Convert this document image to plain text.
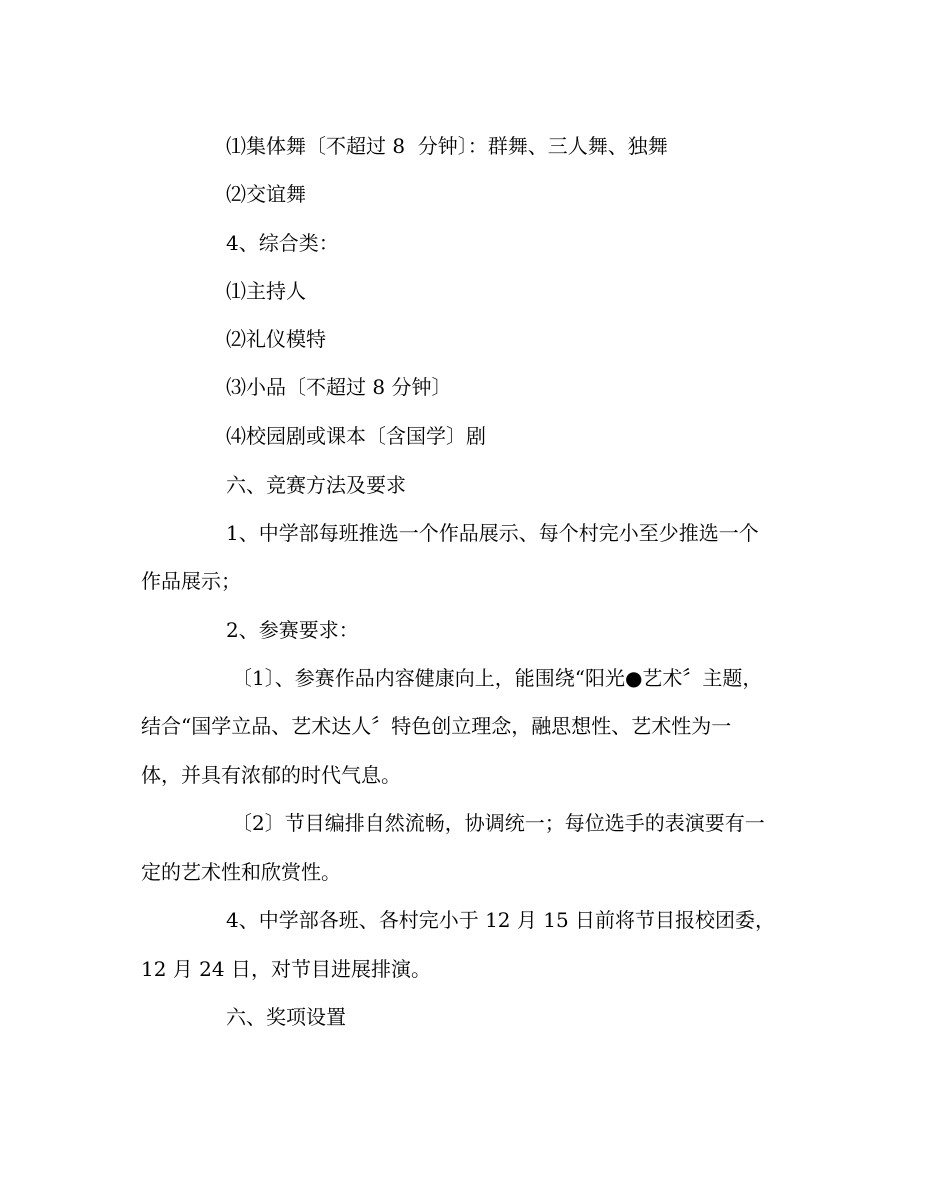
⑴集体舞〔不超过 8  分钟〕：群舞、三人舞、独舞

⑵交谊舞

4、综合类：

⑴主持人

⑵礼仪模特

⑶小品〔不超过 8 分钟〕

⑷校园剧或课本〔含国学〕剧

六、竞赛方法及要求

1、中学部每班推选一个作品展示、每个村完小至少推选一个

作品展示；

2、参赛要求：

〔1〕、参赛作品内容健康向上，能围绕“阳光●艺术〞主题，

结合“国学立品、艺术达人〞特色创立理念，融思想性、艺术性为一

体，并具有浓郁的时代气息。

〔2〕节目编排自然流畅，协调统一；每位选手的表演要有一

定的艺术性和欣赏性。

4、中学部各班、各村完小于 12 月 15 日前将节目报校团委，

12 月 24 日，对节目进展排演。

六、奖项设置
